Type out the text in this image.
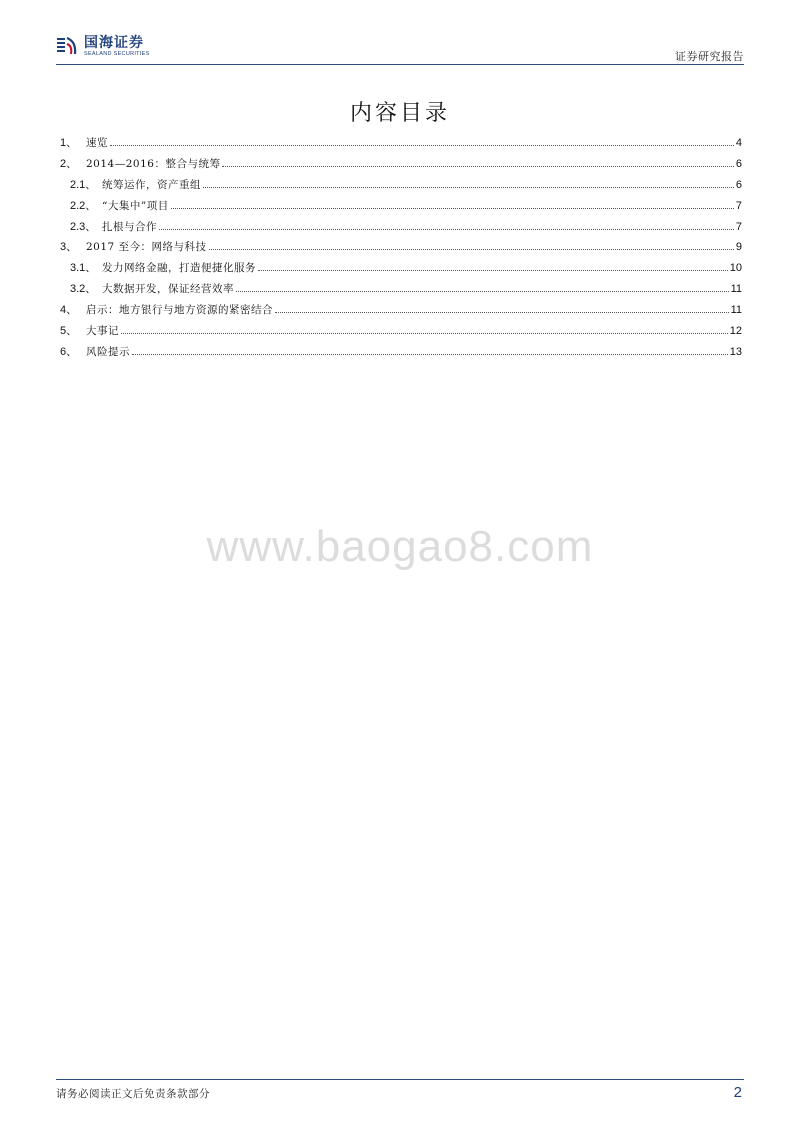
国海证券
SEALAND SECURITIES	证券研究报告
内容目录
1、 速览	4
2、 2014—2016：整合与统筹	6
2.1、 统筹运作，资产重组	6
2.2、 “大集中”项目	7
2.3、 扎根与合作	7
3、 2017 至今：网络与科技	9
3.1、 发力网络金融，打造便捷化服务	10
3.2、 大数据开发，保证经营效率	11
4、 启示：地方银行与地方资源的紧密结合	11
5、 大事记	12
6、 风险提示	13
www.baogao8.com
请务必阅读正文后免责条款部分	2
